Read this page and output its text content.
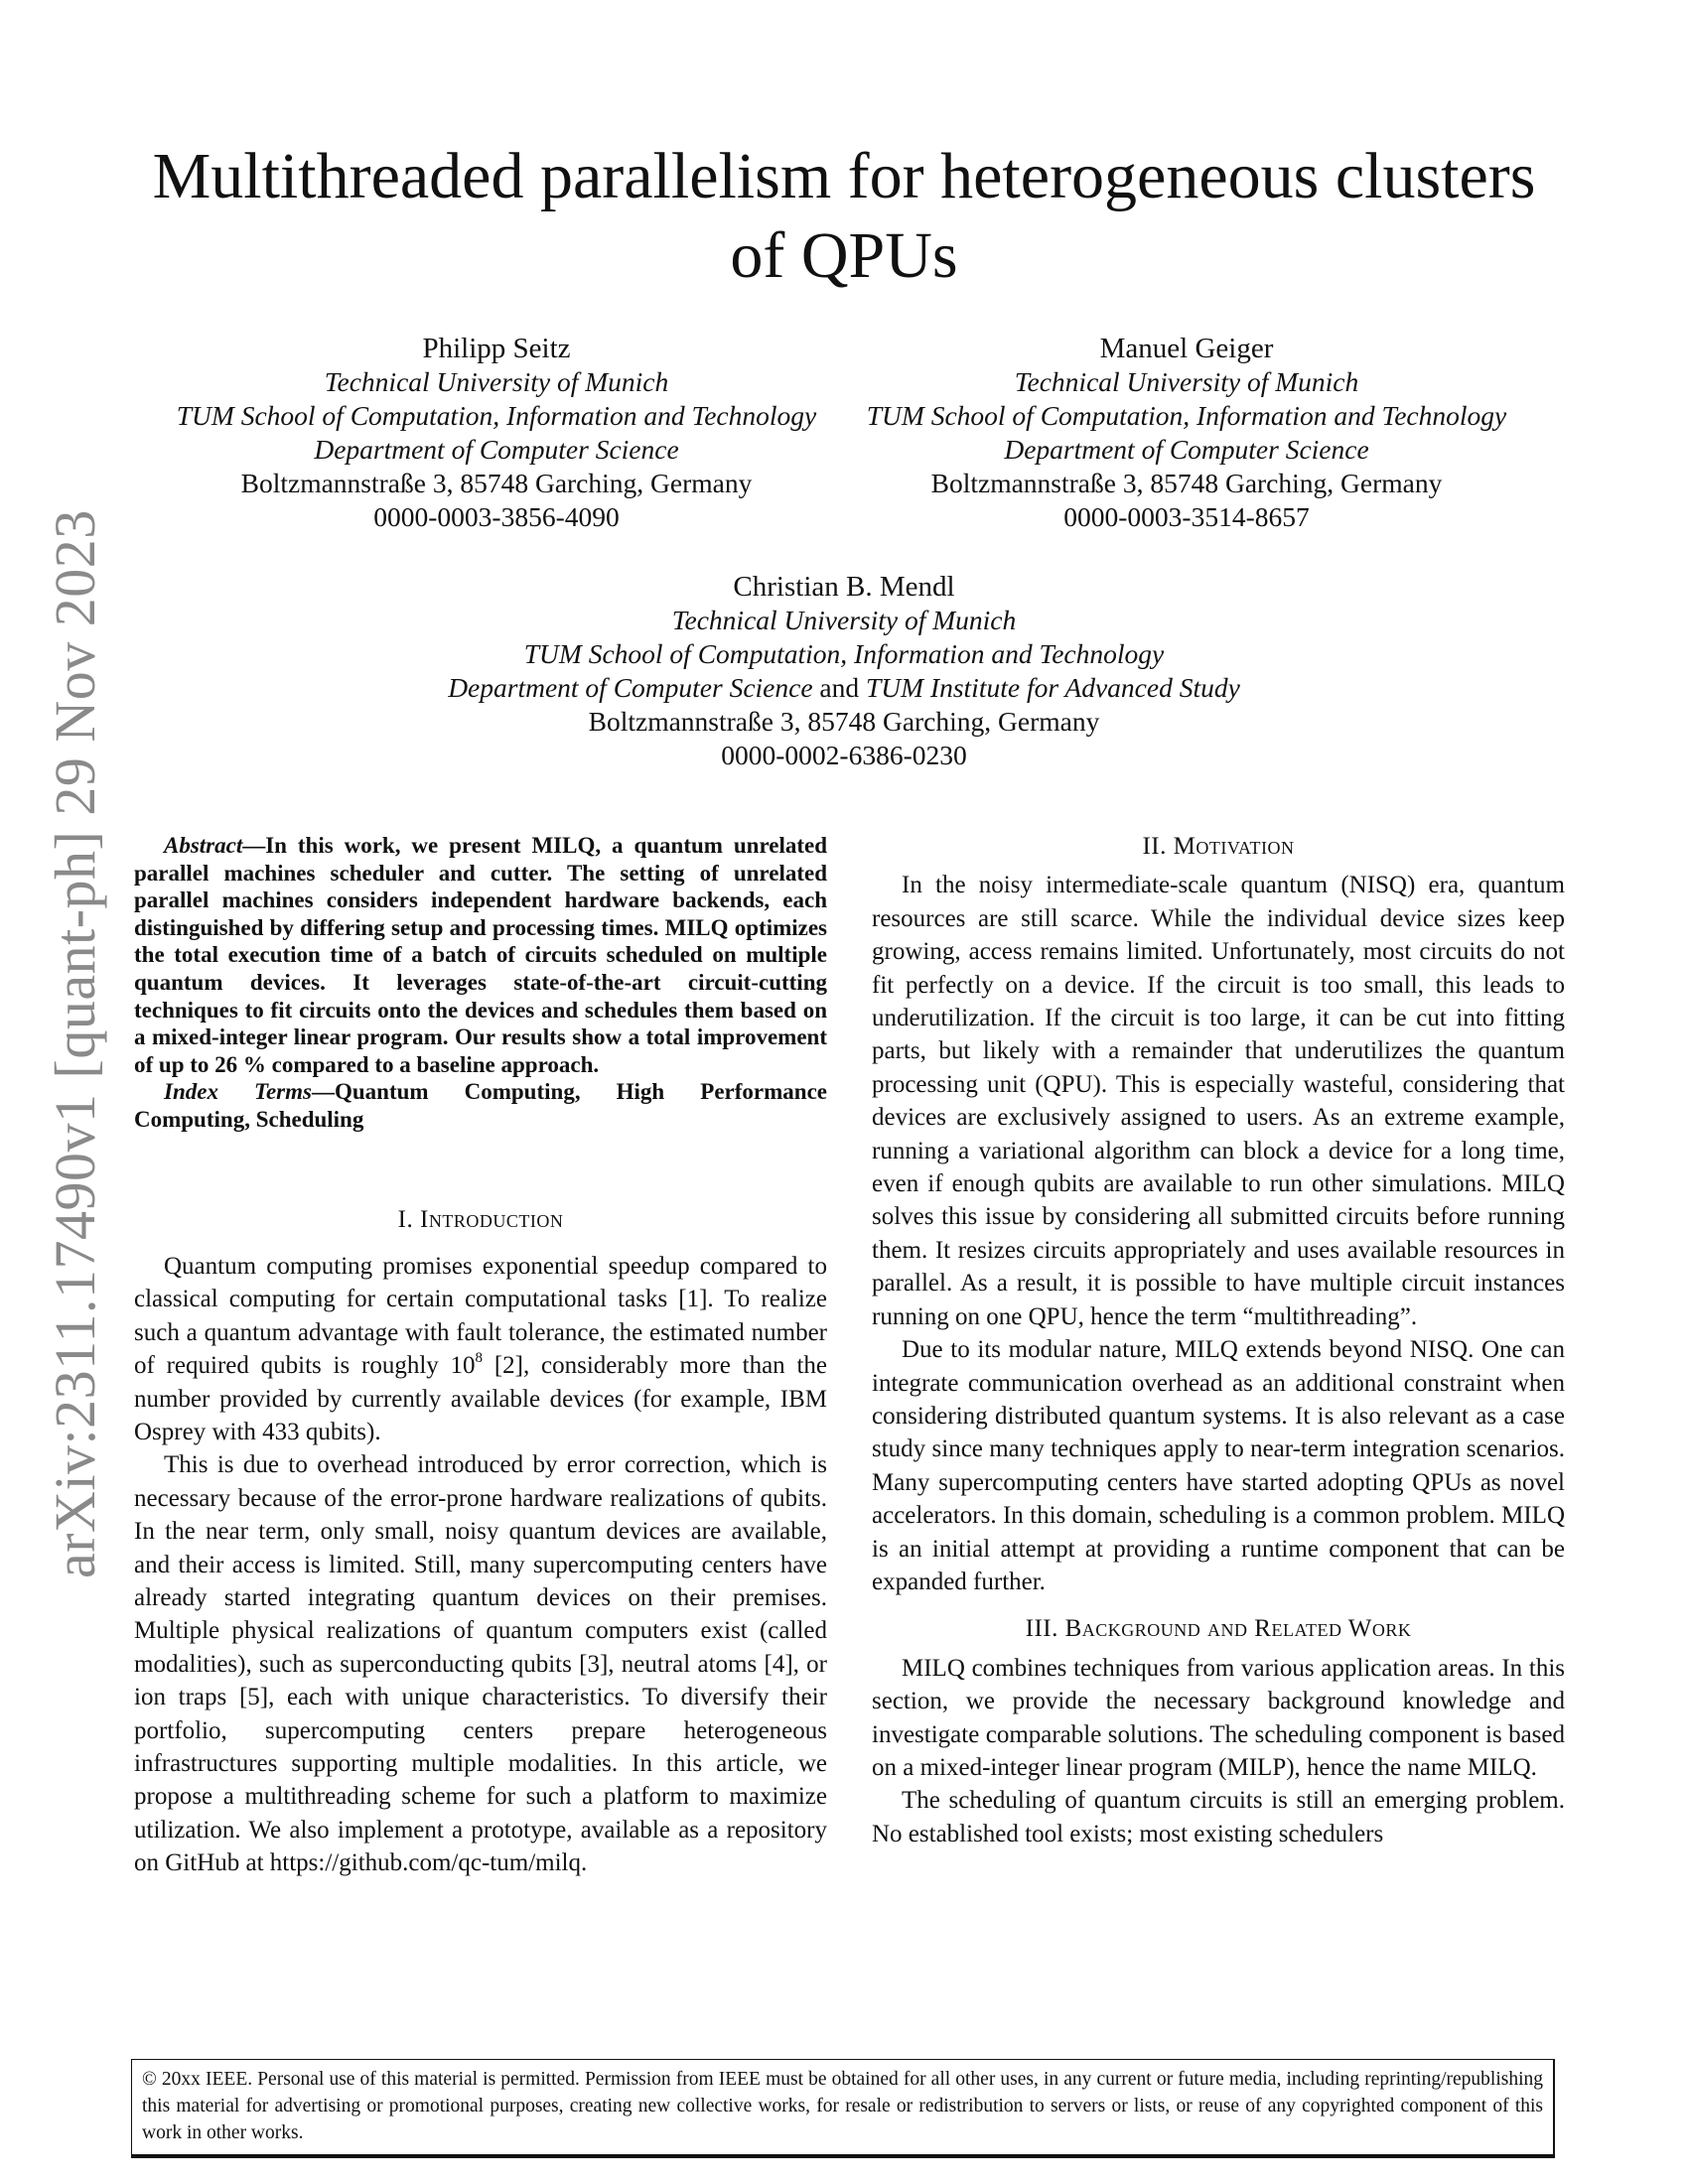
arXiv:2311.17490v1 [quant-ph] 29 Nov 2023
Multithreaded parallelism for heterogeneous clusters
of QPUs
Philipp Seitz
Technical University of Munich
TUM School of Computation, Information and Technology
Department of Computer Science
Boltzmannstraße 3, 85748 Garching, Germany
0000-0003-3856-4090
Manuel Geiger
Technical University of Munich
TUM School of Computation, Information and Technology
Department of Computer Science
Boltzmannstraße 3, 85748 Garching, Germany
0000-0003-3514-8657
Christian B. Mendl
Technical University of Munich
TUM School of Computation, Information and Technology
Department of Computer Science and TUM Institute for Advanced Study
Boltzmannstraße 3, 85748 Garching, Germany
0000-0002-6386-0230

Abstract—In this work, we present MILQ, a quantum unrelated parallel machines scheduler and cutter. The setting of unrelated parallel machines considers independent hardware backends, each distinguished by differing setup and processing times. MILQ optimizes the total execution time of a batch of circuits scheduled on multiple quantum devices. It leverages state-of-the-art circuit-cutting techniques to fit circuits onto the devices and schedules them based on a mixed-integer linear program. Our results show a total improvement of up to 26 % compared to a baseline approach.

Index Terms—Quantum Computing, High Performance Computing, Scheduling

I. Introduction

Quantum computing promises exponential speedup compared to classical computing for certain computational tasks [1]. To realize such a quantum advantage with fault tolerance, the estimated number of required qubits is roughly $10^8$ [2], considerably more than the number provided by currently available devices (for example, IBM Osprey with 433 qubits).

This is due to overhead introduced by error correction, which is necessary because of the error-prone hardware realizations of qubits. In the near term, only small, noisy quantum devices are available, and their access is limited. Still, many supercomputing centers have already started integrating quantum devices on their premises. Multiple physical realizations of quantum computers exist (called modalities), such as superconducting qubits [3], neutral atoms [4], or ion traps [5], each with unique characteristics. To diversify their portfolio, supercomputing centers prepare heterogeneous infrastructures supporting multiple modalities. In this article, we propose a multithreading scheme for such a platform to maximize utilization. We also implement a prototype, available as a repository on GitHub at https://github.com/qc-tum/milq.

II. Motivation

In the noisy intermediate-scale quantum (NISQ) era, quantum resources are still scarce. While the individual device sizes keep growing, access remains limited. Unfortunately, most circuits do not fit perfectly on a device. If the circuit is too small, this leads to underutilization. If the circuit is too large, it can be cut into fitting parts, but likely with a remainder that underutilizes the quantum processing unit (QPU). This is especially wasteful, considering that devices are exclusively assigned to users. As an extreme example, running a variational algorithm can block a device for a long time, even if enough qubits are available to run other simulations. MILQ solves this issue by considering all submitted circuits before running them. It resizes circuits appropriately and uses available resources in parallel. As a result, it is possible to have multiple circuit instances running on one QPU, hence the term “multithreading”.

Due to its modular nature, MILQ extends beyond NISQ. One can integrate communication overhead as an additional constraint when considering distributed quantum systems. It is also relevant as a case study since many techniques apply to near-term integration scenarios. Many supercomputing centers have started adopting QPUs as novel accelerators. In this domain, scheduling is a common problem. MILQ is an initial attempt at providing a runtime component that can be expanded further.

III. Background and Related Work

MILQ combines techniques from various application areas. In this section, we provide the necessary background knowledge and investigate comparable solutions. The scheduling component is based on a mixed-integer linear program (MILP), hence the name MILQ.

The scheduling of quantum circuits is still an emerging problem. No established tool exists; most existing schedulers

© 20xx IEEE. Personal use of this material is permitted. Permission from IEEE must be obtained for all other uses, in any current or future media, including reprinting/republishing this material for advertising or promotional purposes, creating new collective works, for resale or redistribution to servers or lists, or reuse of any copyrighted component of this work in other works.
